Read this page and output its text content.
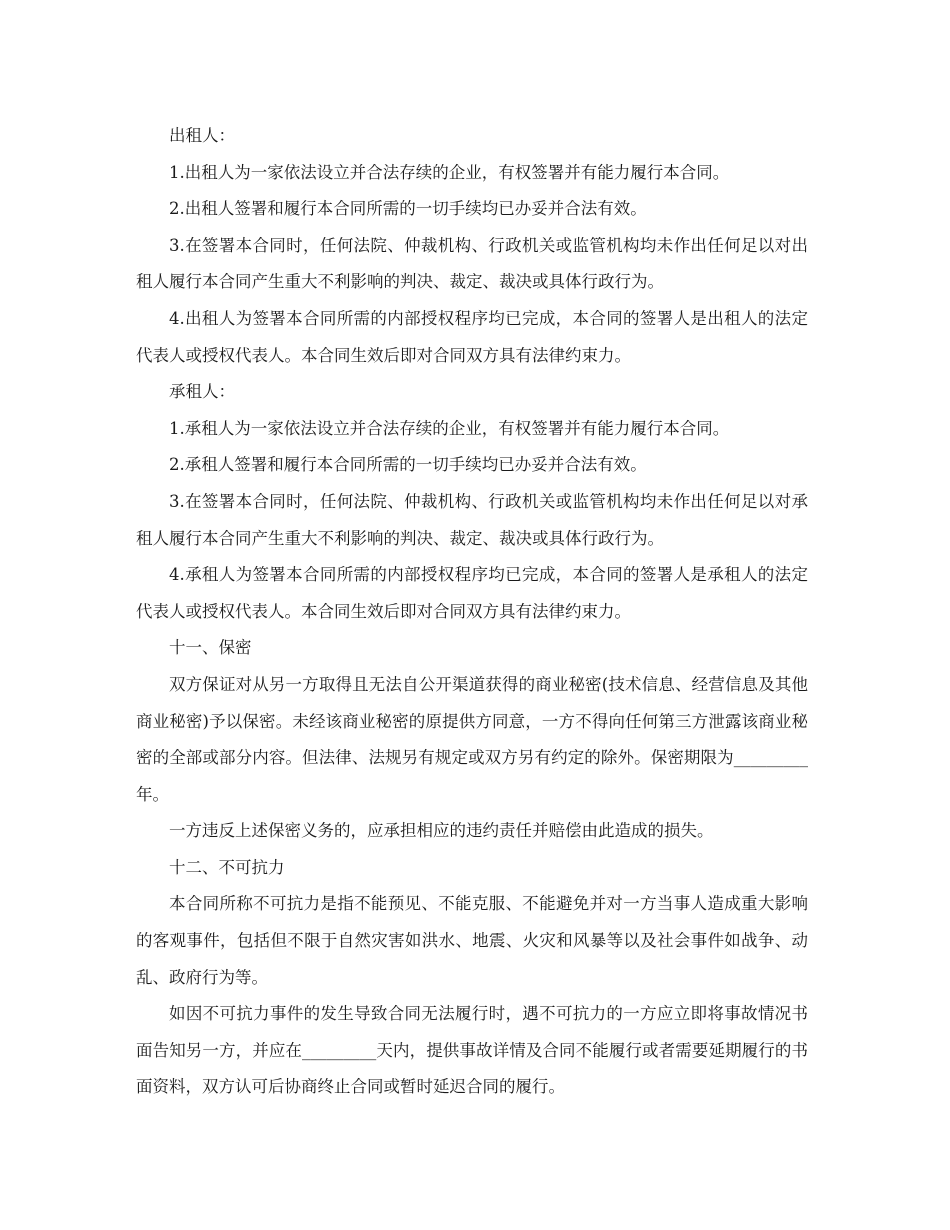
出租人：

1.出租人为一家依法设立并合法存续的企业，有权签署并有能力履行本合同。

2.出租人签署和履行本合同所需的一切手续均已办妥并合法有效。

3.在签署本合同时，任何法院、仲裁机构、行政机关或监管机构均未作出任何足以对出租人履行本合同产生重大不利影响的判决、裁定、裁决或具体行政行为。

4.出租人为签署本合同所需的内部授权程序均已完成，本合同的签署人是出租人的法定代表人或授权代表人。本合同生效后即对合同双方具有法律约束力。

承租人：

1.承租人为一家依法设立并合法存续的企业，有权签署并有能力履行本合同。

2.承租人签署和履行本合同所需的一切手续均已办妥并合法有效。

3.在签署本合同时，任何法院、仲裁机构、行政机关或监管机构均未作出任何足以对承租人履行本合同产生重大不利影响的判决、裁定、裁决或具体行政行为。

4.承租人为签署本合同所需的内部授权程序均已完成，本合同的签署人是承租人的法定代表人或授权代表人。本合同生效后即对合同双方具有法律约束力。

十一、保密

双方保证对从另一方取得且无法自公开渠道获得的商业秘密(技术信息、经营信息及其他商业秘密)予以保密。未经该商业秘密的原提供方同意，一方不得向任何第三方泄露该商业秘密的全部或部分内容。但法律、法规另有规定或双方另有约定的除外。保密期限为_________年。

一方违反上述保密义务的，应承担相应的违约责任并赔偿由此造成的损失。

十二、不可抗力

本合同所称不可抗力是指不能预见、不能克服、不能避免并对一方当事人造成重大影响的客观事件，包括但不限于自然灾害如洪水、地震、火灾和风暴等以及社会事件如战争、动乱、政府行为等。

如因不可抗力事件的发生导致合同无法履行时，遇不可抗力的一方应立即将事故情况书面告知另一方，并应在_________天内，提供事故详情及合同不能履行或者需要延期履行的书面资料，双方认可后协商终止合同或暂时延迟合同的履行。
